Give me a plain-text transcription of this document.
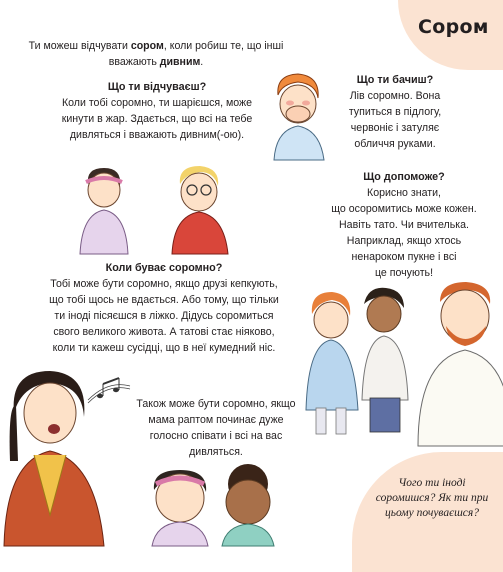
Сором
Ти можеш відчувати сором, коли робиш те, що інші вважають дивним.
Що ти відчуваєш?
Коли тобі соромно, ти шарієшся, може
кинути в жар. Здається, що всі на тебе
дивляться і вважають дивним(-ою).
Що ти бачиш?
Лів соромно. Вона
тупиться в підлогу,
червоніє і затуляє
обличчя руками.
Що допоможе?
Корисно знати,
що осоромитись може кожен.
Навіть тато. Чи вчителька.
Наприклад, якщо хтось
ненароком пукне і всі
це почують!
Коли буває соромно?
Тобі може бути соромно, якщо друзі кепкують,
що тобі щось не вдається. Або тому, що тільки
ти іноді пісяєшся в ліжко. Дідусь соромиться
свого великого живота. А татові стає ніяково,
коли ти кажеш сусідці, що в неї кумедний ніс.
Також може бути соромно, якщо
мама раптом починає дуже
голосно співати і всі на вас
дивляться.
Чого ти іноді
соромишся? Як ти при
цьому почуваєшся?
